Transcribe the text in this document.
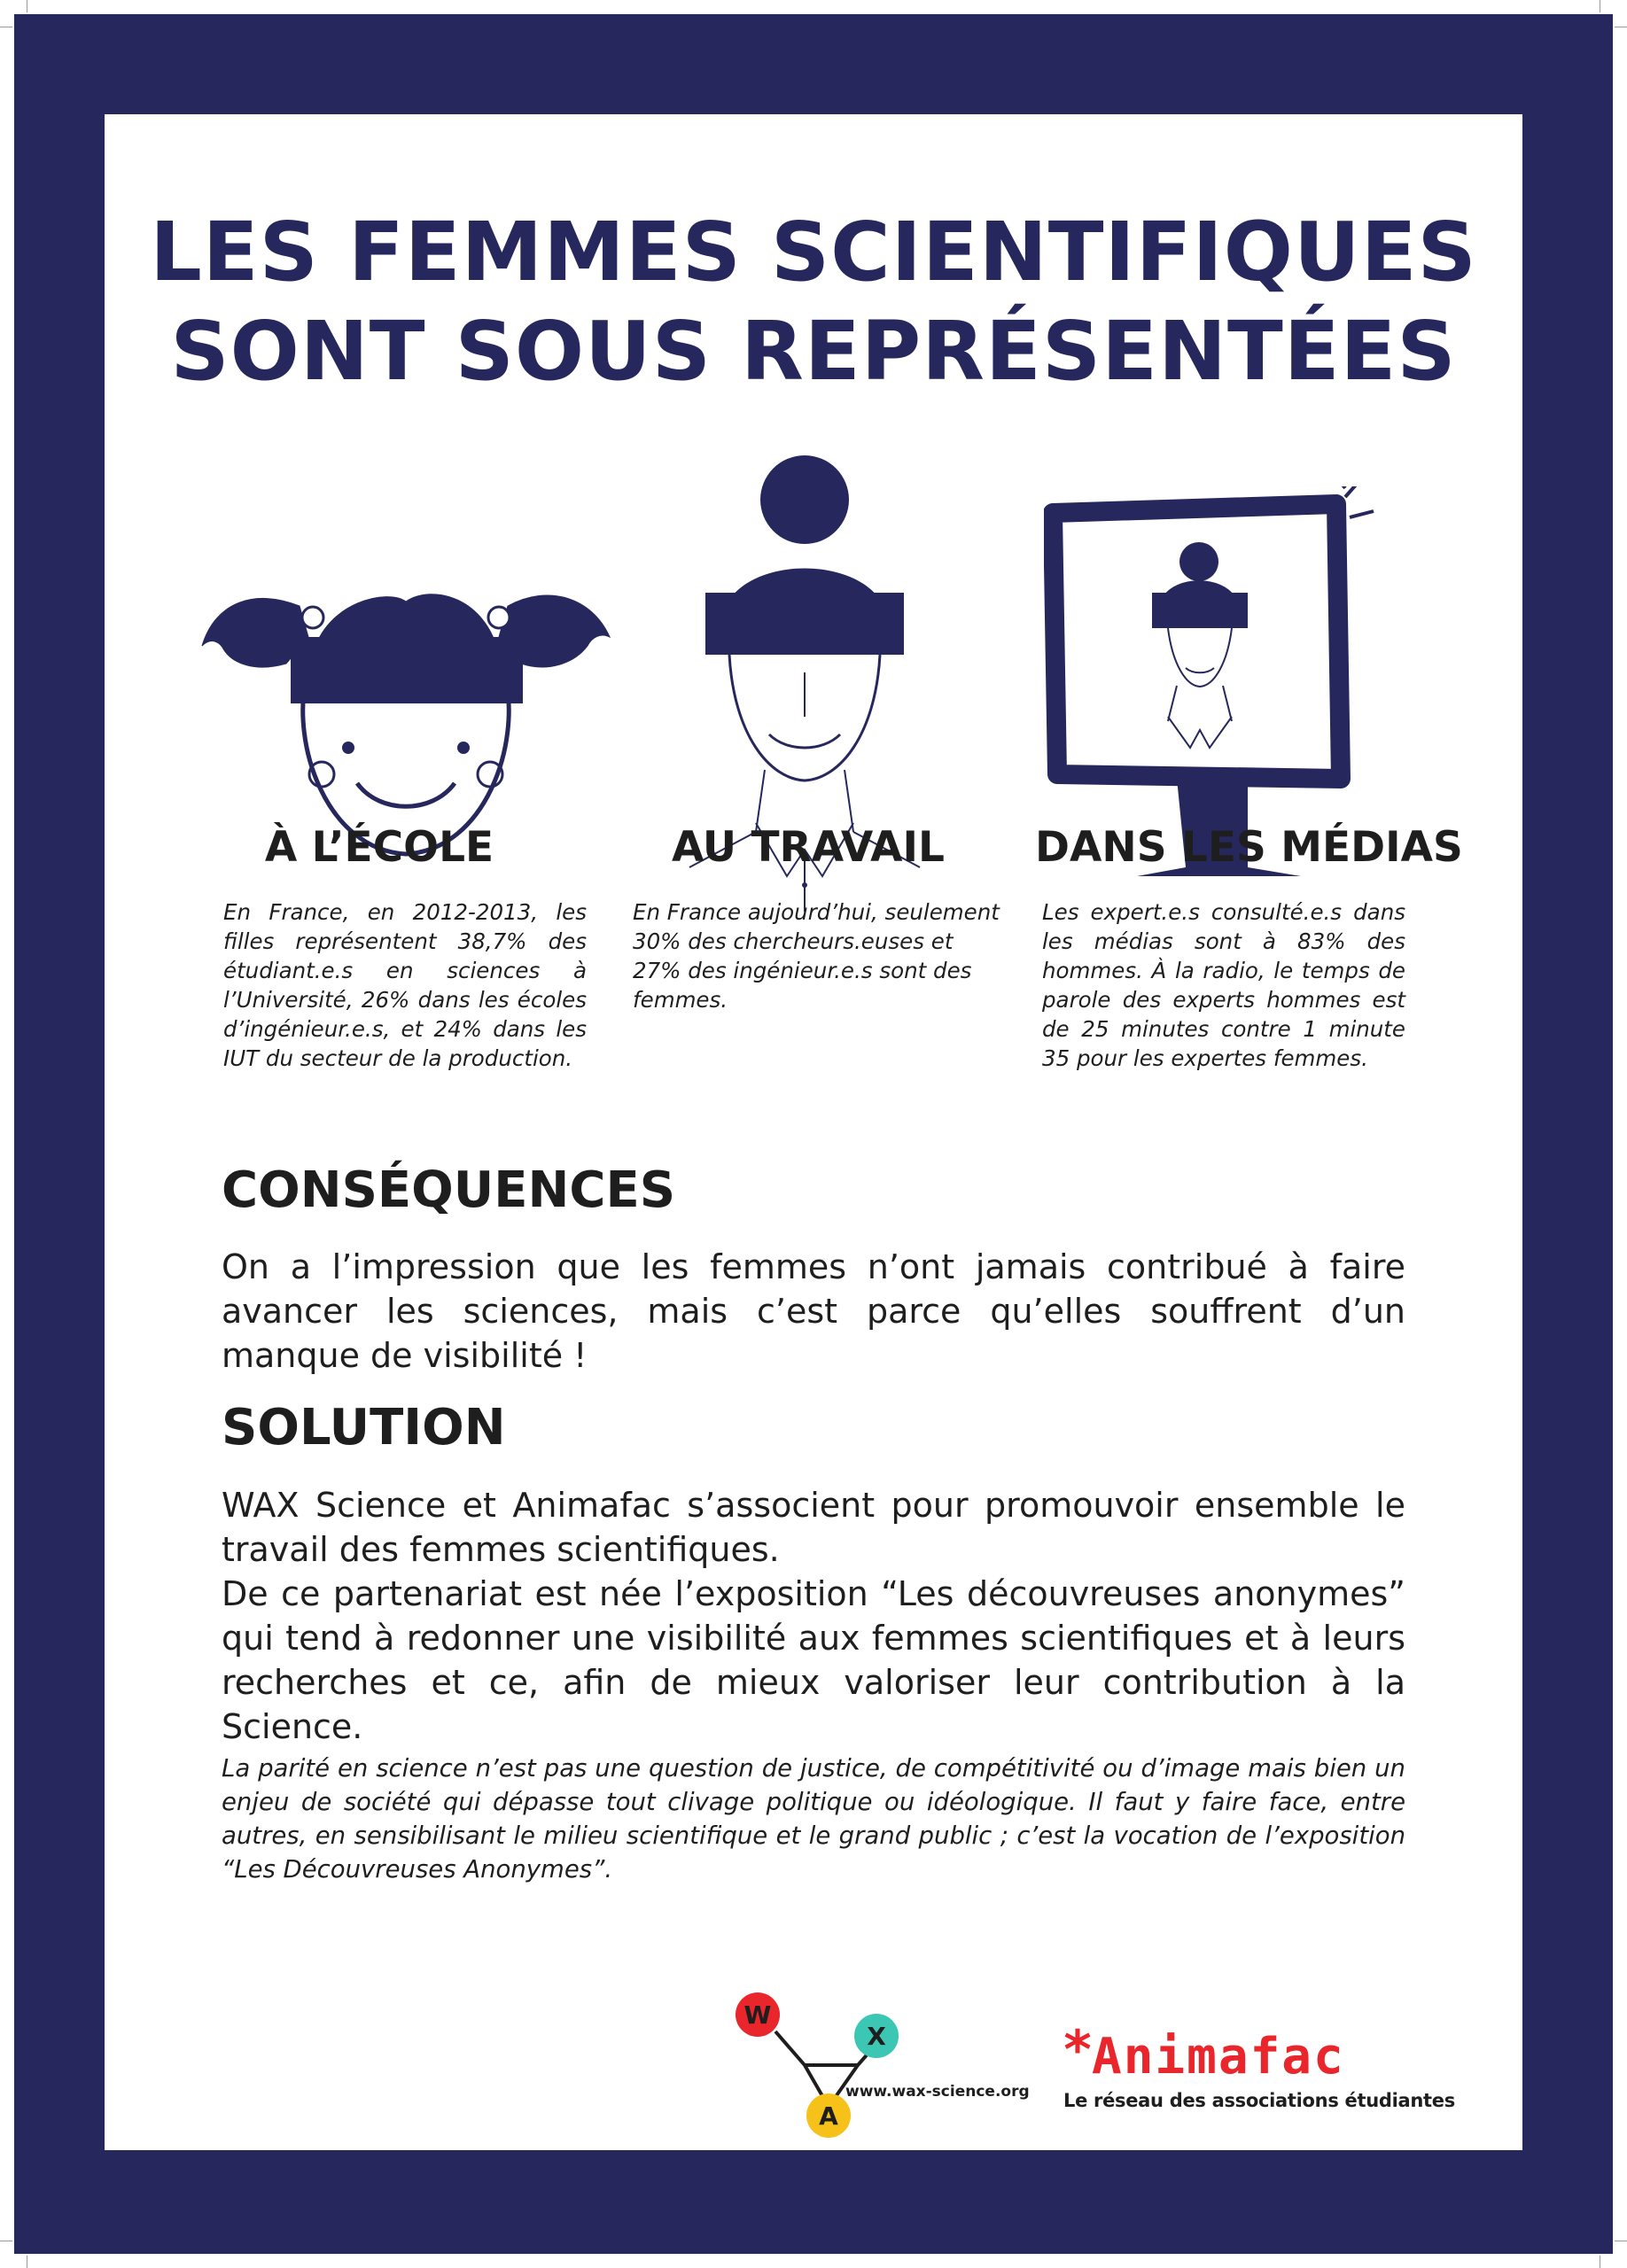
LES FEMMES SCIENTIFIQUES
SONT SOUS REPRÉSENTÉES
À L’ÉCOLE	AU TRAVAIL DANS LES MÉDIAS
En France, en 2012-2013, les filles représentent 38,7% des étudiant.e.s en sciences à l’Université, 26% dans les écoles d’ingénieur.e.s, et 24% dans les IUT du secteur de la production.
En France aujourd’hui, seulement 30% des chercheurs.euses et 27% des ingénieur.e.s sont des femmes.
Les expert.e.s consulté.e.s dans les médias sont à 83% des hommes. À la radio, le temps de parole des experts hommes est de 25 minutes contre 1 minute 35 pour les expertes femmes.
CONSÉQUENCES
On a l’impression que les femmes n’ont jamais contribué à faire avancer les sciences, mais c’est parce qu’elles souffrent d’un manque de visibilité !
SOLUTION

WAX Science et Animafac s’associent pour promouvoir ensemble le travail des femmes scientifiques.

De ce partenariat est née l’exposition “Les découvreuses anonymes” qui tend à redonner une visibilité aux femmes scientifiques et à leurs recherches et ce, afin de mieux valoriser leur contribution à la Science.

La parité en science n’est pas une question de justice, de compétitivité ou d’image mais bien un enjeu de société qui dépasse tout clivage politique ou idéologique. Il faut y faire face, entre autres, en sensibilisant le milieu scientifique et le grand public ; c’est la vocation de l’exposition “Les Découvreuses Anonymes”.
W
X
A
www.wax-science.org
*
Animafac
Le réseau des associations étudiantes
